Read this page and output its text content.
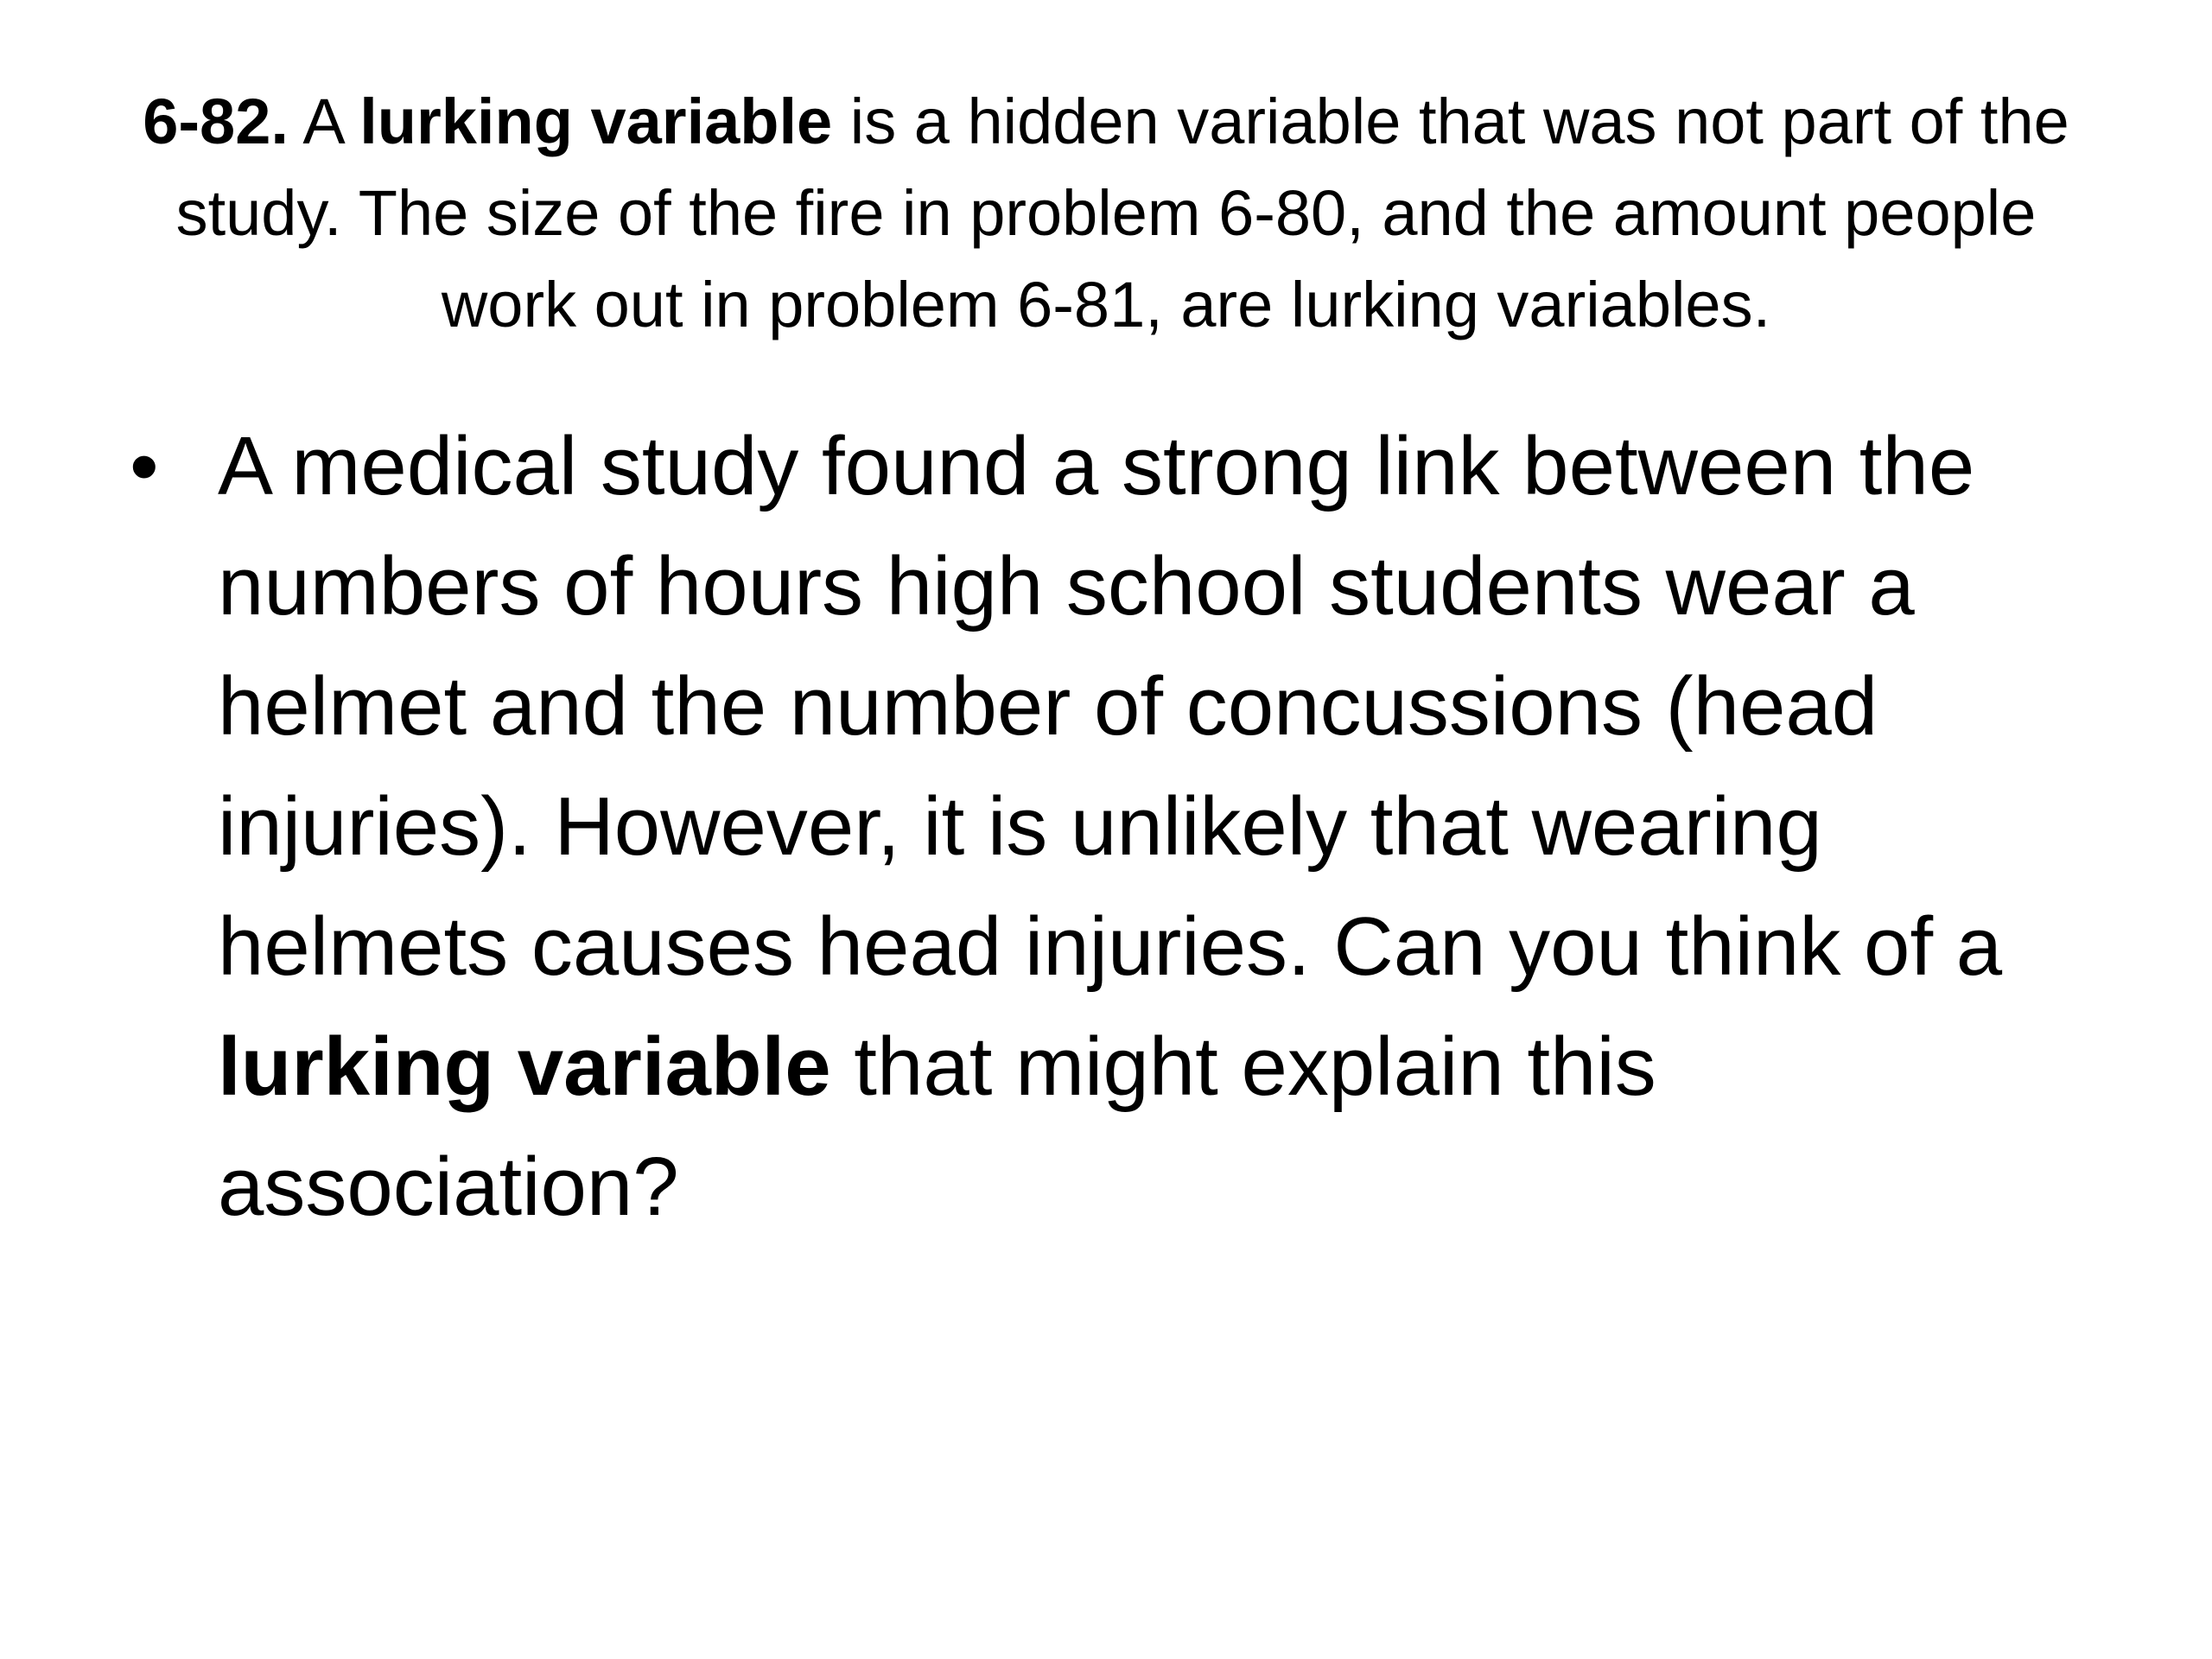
6-82. A lurking variable is a hidden variable that was not part of the study. The size of the fire in problem 6-80, and the amount people work out in problem 6-81, are lurking variables.
• A medical study found a strong link between the numbers of hours high school students wear a helmet and the number of concussions (head injuries). However, it is unlikely that wearing helmets causes head injuries. Can you think of a lurking variable that might explain this association?
